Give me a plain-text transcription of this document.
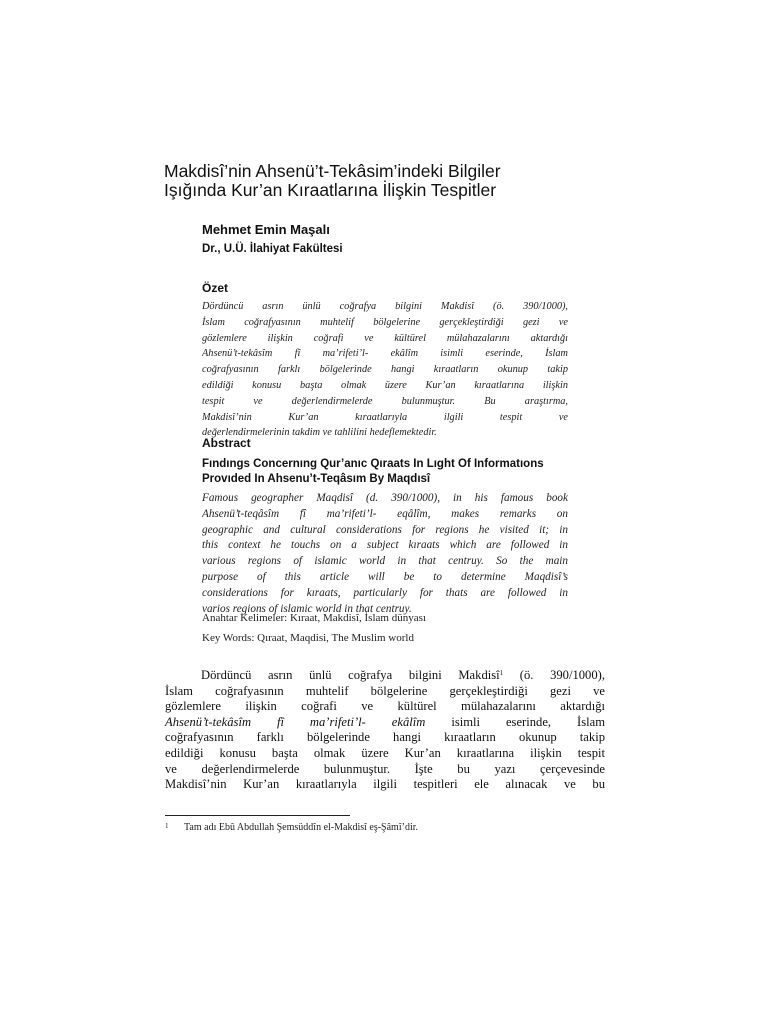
Makdisî’nin Ahsenü’t-Tekâsim’indeki Bilgiler
Işığında Kur’an Kıraatlarına İlişkin Tespitler
Mehmet Emin Maşalı
Dr., U.Ü. İlahiyat Fakültesi
Özet
Dördüncü asrın ünlü coğrafya bilgini Makdisî (ö. 390/1000),
İslam coğrafyasının muhtelif bölgelerine gerçekleştirdiği gezi ve
gözlemlere ilişkin coğrafi ve kültürel mülahazalarını aktardığı
Ahsenü’t-tekâsîm fî ma’rifeti’l- ekâlîm isimli eserinde, İslam
coğrafyasının farklı bölgelerinde hangi kıraatların okunup takip
edildiği konusu başta olmak üzere Kur’an kıraatlarına ilişkin
tespit ve değerlendirmelerde bulunmuştur. Bu araştırma,
Makdisî’nin Kur’an kıraatlarıyla ilgili tespit ve
değerlendirmelerinin takdim ve tahlilini hedeflemektedir.
Abstract
Fındıngs Concernıng Qur’anıc Qıraats In Lıght Of Informatıons
Provıded In Ahsenu’t-Teqâsım By Maqdısî
Famous geographer Maqdisî (d. 390/1000), in his famous book
Ahsenü’t-teqâsîm fî ma’rifeti’l- eqâlîm, makes remarks on
geographic and cultural considerations for regions he visited it; in
this context he touchs on a subject kıraats which are followed in
various regions of islamic world in that centruy. So the main
purpose of this article will be to determine Maqdisî’s
considerations for kıraats, particularly for thats are followed in
varios regions of islamic world in that centruy.
Anahtar Kelimeler: Kıraat, Makdisî, İslam dünyası
Key Words: Qıraat, Maqdisi, The Muslim world
Dördüncü asrın ünlü coğrafya bilgini Makdisî$^1$ (ö. 390/1000),
İslam coğrafyasının muhtelif bölgelerine gerçekleştirdiği gezi ve
gözlemlere ilişkin coğrafi ve kültürel mülahazalarını aktardığı
Ahsenü’t-tekâsîm fî ma’rifeti’l- ekâlîm isimli eserinde, İslam
coğrafyasının farklı bölgelerinde hangi kıraatların okunup takip
edildiği konusu başta olmak üzere Kur’an kıraatlarına ilişkin tespit
ve değerlendirmelerde bulunmuştur. İşte bu yazı çerçevesinde
Makdisî’nin Kur’an kıraatlarıyla ilgili tespitleri ele alınacak ve bu
1 Tam adı Ebû Abdullah Şemsüddîn el-Makdisî eş-Şâmî’dir.
